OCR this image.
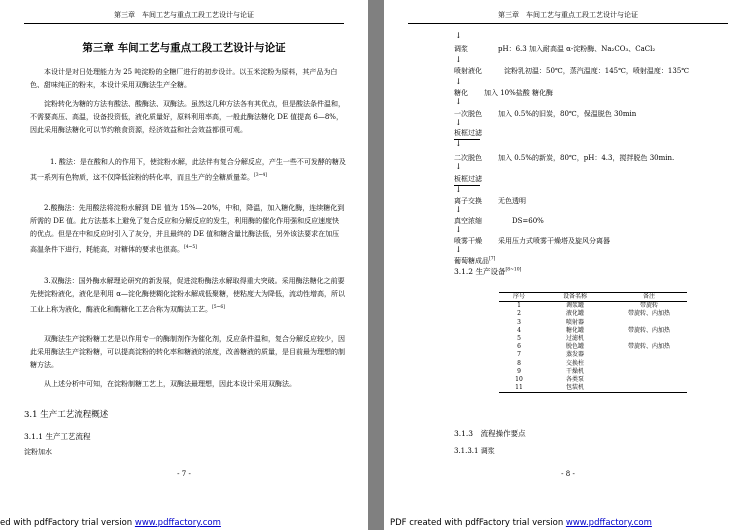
第三章　车间工艺与重点工段工艺设计与论证
第三章 车间工艺与重点工段工艺设计与论证
本设计是对日处理能力为 25 吨淀粉的全糖厂进行的初步设计。以玉米淀粉为原料，其产品为白色、甜味纯正的粉末，本设计采用双酶法生产全糖。
淀粉转化为糖的方法有酸法、酸酶法、双酶法。虽然这几种方法各有其优点，但是酸法条件温和，不需要高压、高温，设备投资低，液化质量好，原料利用率高，一般此酶法糖化 DE 值提高 6—8%，因此采用酶法糖化可以节约粮食资源，经济效益和社会效益都很可观。
1. 酸法：是在酸和人的作用下，使淀粉水解，此法伴有复合分解反应，产生一些不可发酵的糖及其一系列有色物质，这不仅降低淀粉的转化率，而且生产的全糖质量差。[3~4]
2.酸酶法：先用酸法将淀粉水解到 DE 值为 15%—20%，中和，降温，加入糖化酶，连续糖化到所需的 DE 值。此方法基本上避免了复合反应和分解反应的发生，利用酶的催化作用强和反应速度快的优点。但是在中和反应时引入了灰分，并且最终的 DE 值和糖含量比酶法低，另外该法要求在加压高温条件下进行，耗能高，对糖体的要求也很高。[4~5]
3.双酶法：国外酶水解理论研究的新发展，促进淀粉酶法水解取得重大突破。采用酶法糖化之前要先使淀粉液化，液化是利用 α—淀化酶使糊化淀粉水解成低聚糖，使粘度大为降低，流动性增高，所以工业上称为液化，酶液化和酶糖化工艺合称为双酶法工艺。[5~6]
双酶法生产淀粉糖工艺是以作用专一的酶制剂作为催化剂，反应条件温和，复合分解反应较少，因此采用酶法生产淀粉糖，可以提高淀粉的转化率和糖液的浓度，改善糖液的质量，是目前最为理想的制糖方法。
从上述分析中可知，在淀粉制糖工艺上，双酶法最理想，因此本设计采用双酶法。
3.1 生产工艺流程概述
3.1.1 生产工艺流程
淀粉加水
- 7 -
ed with pdfFactory trial version www.pdffactory.com
第三章　车间工艺与重点工段工艺设计与论证
↓
调浆	pH：6.3 加入耐高温 α-淀粉酶、Na₂CO₃、CaCl₂
↓
喷射液化	淀粉乳初温：50℃，蒸汽温度：145℃，喷射温度：135℃
↓
糖化 加入 10%盐酸 糖化酶
↓
一次脱色 加入 0.5%的旧炭，80℃，保温脱色 30min
↓
板框过滤
↓
二次脱色 加入 0.5%的新炭，80℃，pH：4.3，搅拌脱色 30min.
↓
板框过滤
↓
离子交换 无色透明
↓
真空浓缩	DS=60%
↓
喷雾干燥 采用压力式喷雾干燥塔及旋风分离器
↓
葡萄糖成品[7]
3.1.2 生产设备[8~10]
序号	设备名称	备注
1	调浆罐	带旋转
2	液化罐	带旋转、内加热
3	喷射器	
4	糖化罐	带旋转、内加热
5	过滤机	
6	脱色罐	带旋转、内加热
7	蒸发器	
8	交换柱	
9	干燥机	
10	各类泵	
11	包装机	
3.1.3　流程操作要点
3.1.3.1 调浆
- 8 -
PDF created with pdfFactory trial version www.pdffactory.com
